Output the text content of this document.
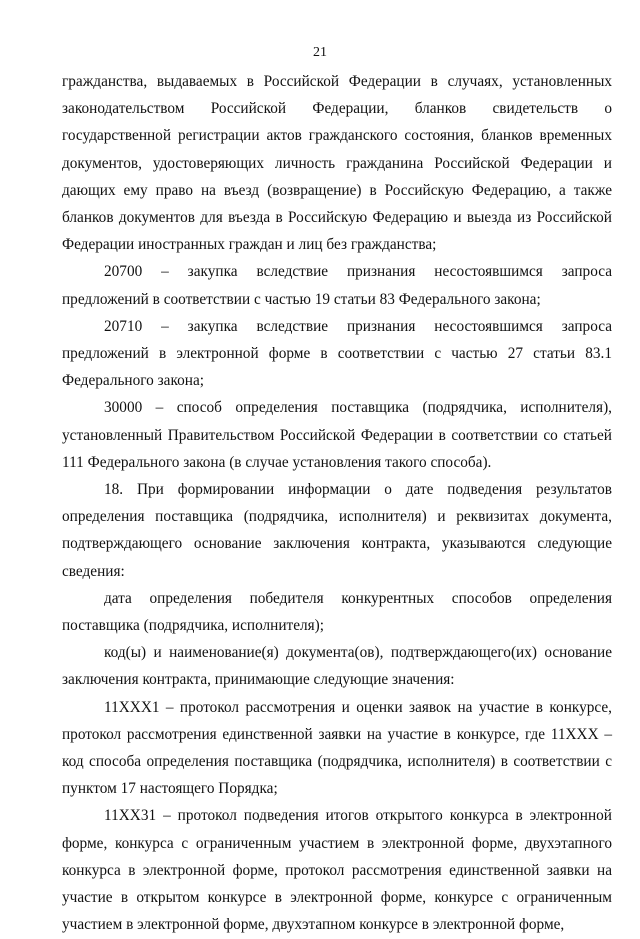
21

гражданства, выдаваемых в Российской Федерации в случаях, установленных законодательством Российской Федерации, бланков свидетельств о государственной регистрации актов гражданского состояния, бланков временных документов, удостоверяющих личность гражданина Российской Федерации и дающих ему право на въезд (возвращение) в Российскую Федерацию, а также бланков документов для въезда в Российскую Федерацию и выезда из Российской Федерации иностранных граждан и лиц без гражданства;

20700 – закупка вследствие признания несостоявшимся запроса предложений в соответствии с частью 19 статьи 83 Федерального закона;

20710 – закупка вследствие признания несостоявшимся запроса предложений в электронной форме в соответствии с частью 27 статьи 83.1 Федерального закона;

30000 – способ определения поставщика (подрядчика, исполнителя), установленный Правительством Российской Федерации в соответствии со статьей 111 Федерального закона (в случае установления такого способа).

18. При формировании информации о дате подведения результатов определения поставщика (подрядчика, исполнителя) и реквизитах документа, подтверждающего основание заключения контракта, указываются следующие сведения:

дата определения победителя конкурентных способов определения поставщика (подрядчика, исполнителя);

код(ы) и наименование(я) документа(ов), подтверждающего(их) основание заключения контракта, принимающие следующие значения:

11ХХХ1 – протокол рассмотрения и оценки заявок на участие в конкурсе, протокол рассмотрения единственной заявки на участие в конкурсе, где 11ХХХ – код способа определения поставщика (подрядчика, исполнителя) в соответствии с пунктом 17 настоящего Порядка;

11ХХ31 – протокол подведения итогов открытого конкурса в электронной форме, конкурса с ограниченным участием в электронной форме, двухэтапного конкурса в электронной форме, протокол рассмотрения единственной заявки на участие в открытом конкурсе в электронной форме, конкурсе с ограниченным участием в электронной форме, двухэтапном конкурсе в электронной форме,
